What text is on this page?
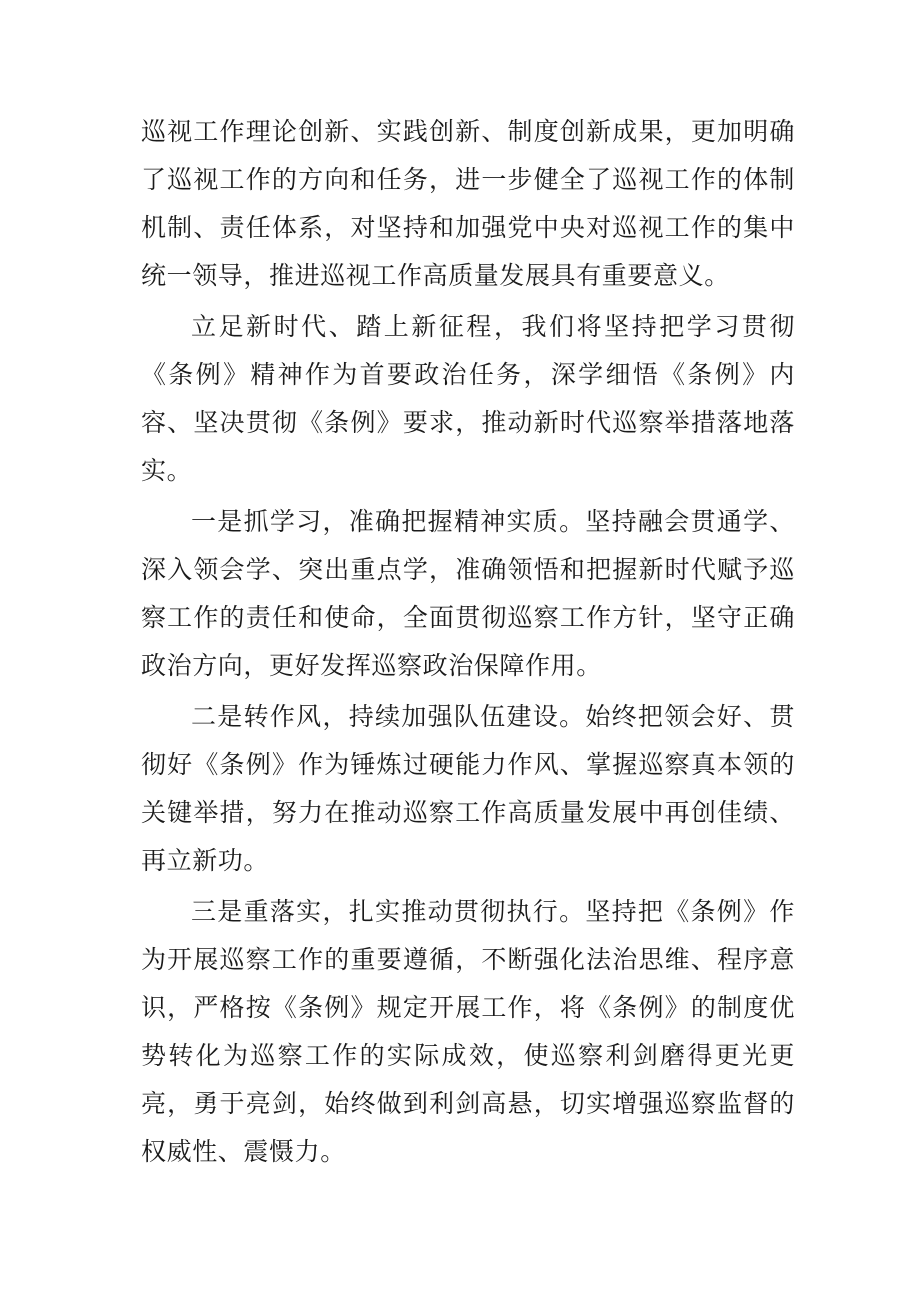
巡视工作理论创新、实践创新、制度创新成果，更加明确了巡视工作的方向和任务，进一步健全了巡视工作的体制机制、责任体系，对坚持和加强党中央对巡视工作的集中统一领导，推进巡视工作高质量发展具有重要意义。

立足新时代、踏上新征程，我们将坚持把学习贯彻《条例》精神作为首要政治任务，深学细悟《条例》内容、坚决贯彻《条例》要求，推动新时代巡察举措落地落实。

一是抓学习，准确把握精神实质。坚持融会贯通学、深入领会学、突出重点学，准确领悟和把握新时代赋予巡察工作的责任和使命，全面贯彻巡察工作方针，坚守正确政治方向，更好发挥巡察政治保障作用。

二是转作风，持续加强队伍建设。始终把领会好、贯彻好《条例》作为锤炼过硬能力作风、掌握巡察真本领的关键举措，努力在推动巡察工作高质量发展中再创佳绩、再立新功。

三是重落实，扎实推动贯彻执行。坚持把《条例》作为开展巡察工作的重要遵循，不断强化法治思维、程序意识，严格按《条例》规定开展工作，将《条例》的制度优势转化为巡察工作的实际成效，使巡察利剑磨得更光更亮，勇于亮剑，始终做到利剑高悬，切实增强巡察监督的权威性、震慑力。
